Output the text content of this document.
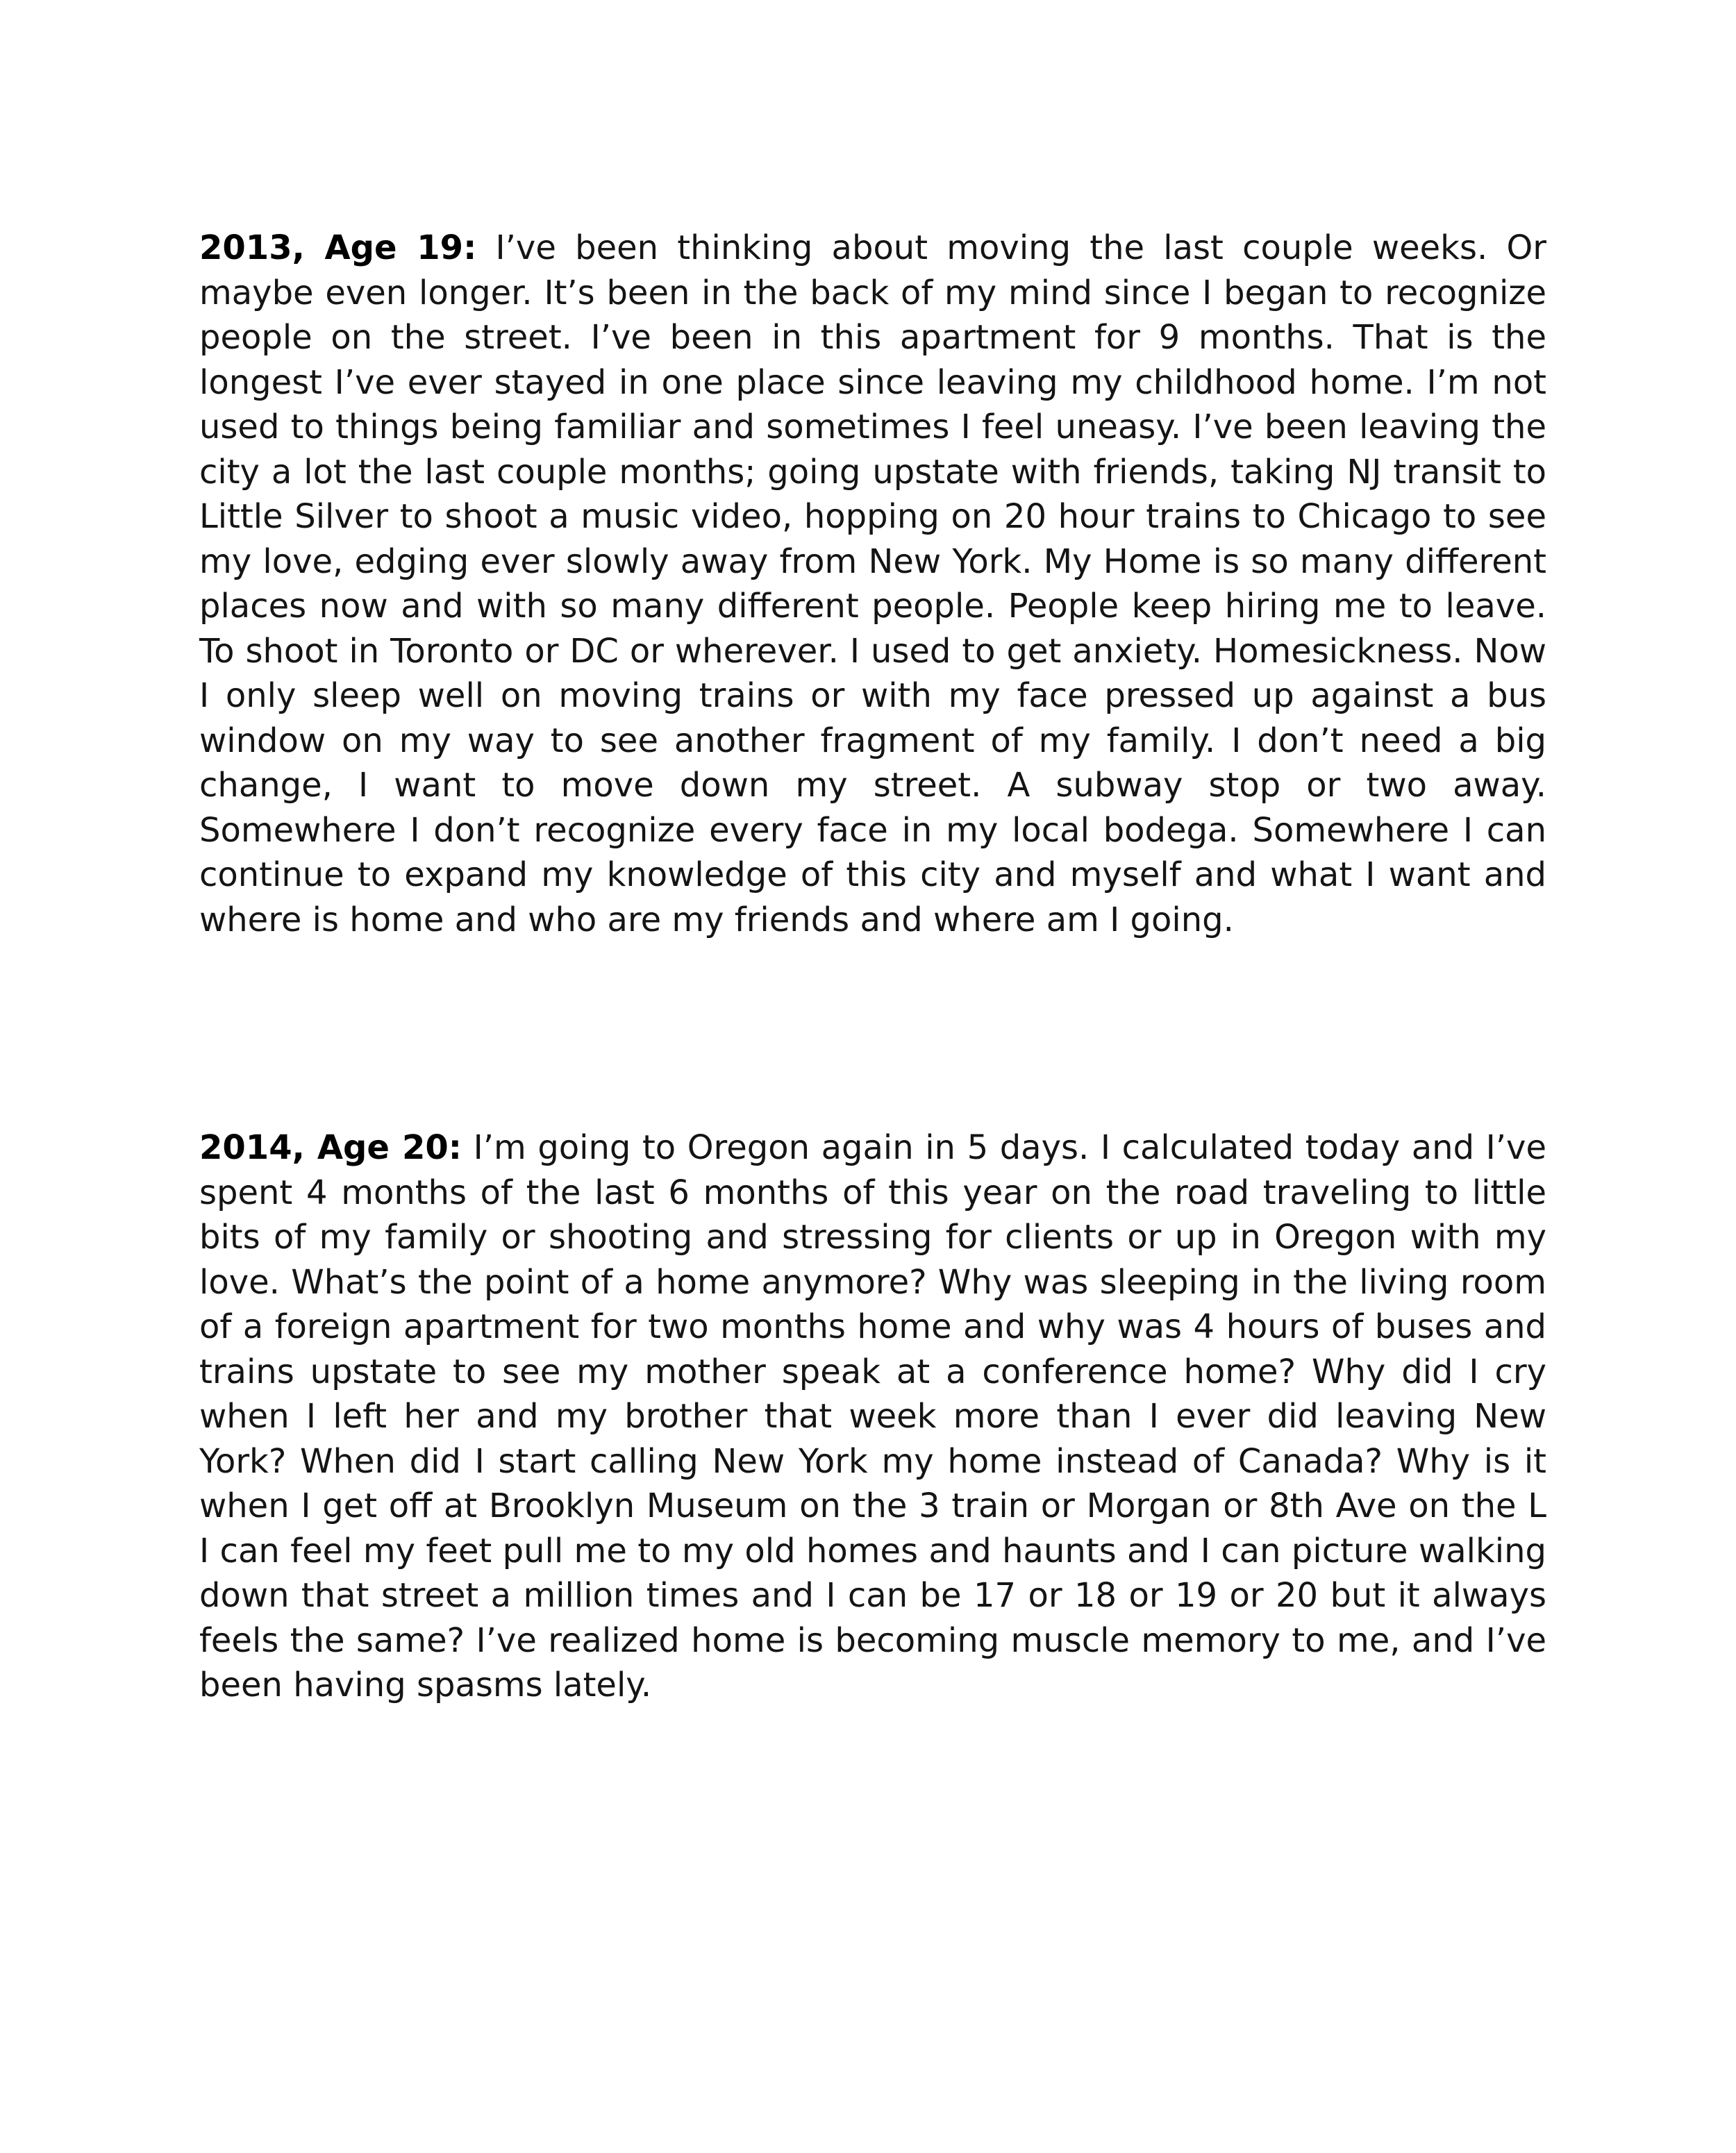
2013, Age 19: I’ve been thinking about moving the last couple weeks. Or maybe even longer. It’s been in the back of my mind since I began to recognize people on the street. I’ve been in this apartment for 9 months. That is the longest I’ve ever stayed in one place since leaving my childhood home. I’m not used to things being familiar and sometimes I feel uneasy. I’ve been leaving the city a lot the last couple months; going upstate with friends, taking NJ transit to Little Silver to shoot a music video, hopping on 20 hour trains to Chicago to see my love, edging ever slowly away from New York. My Home is so many different places now and with so many different people. People keep hiring me to leave. To shoot in Toronto or DC or wherever. I used to get anxiety. Homesickness. Now I only sleep well on moving trains or with my face pressed up against a bus window on my way to see another fragment of my family. I don’t need a big change, I want to move down my street. A subway stop or two away. Somewhere I don’t recognize every face in my local bodega. Somewhere I can continue to expand my knowledge of this city and myself and what I want and where is home and who are my friends and where am I going.

2014, Age 20: I’m going to Oregon again in 5 days. I calculated today and I’ve spent 4 months of the last 6 months of this year on the road traveling to little bits of my family or shooting and stressing for clients or up in Oregon with my love. What’s the point of a home anymore? Why was sleeping in the living room of a foreign apartment for two months home and why was 4 hours of buses and trains upstate to see my mother speak at a conference home? Why did I cry when I left her and my brother that week more than I ever did leaving New York? When did I start calling New York my home instead of Canada? Why is it when I get off at Brooklyn Museum on the 3 train or Morgan or 8th Ave on the L I can feel my feet pull me to my old homes and haunts and I can picture walking down that street a million times and I can be 17 or 18 or 19 or 20 but it always feels the same? I’ve realized home is becoming muscle memory to me, and I’ve been having spasms lately.
